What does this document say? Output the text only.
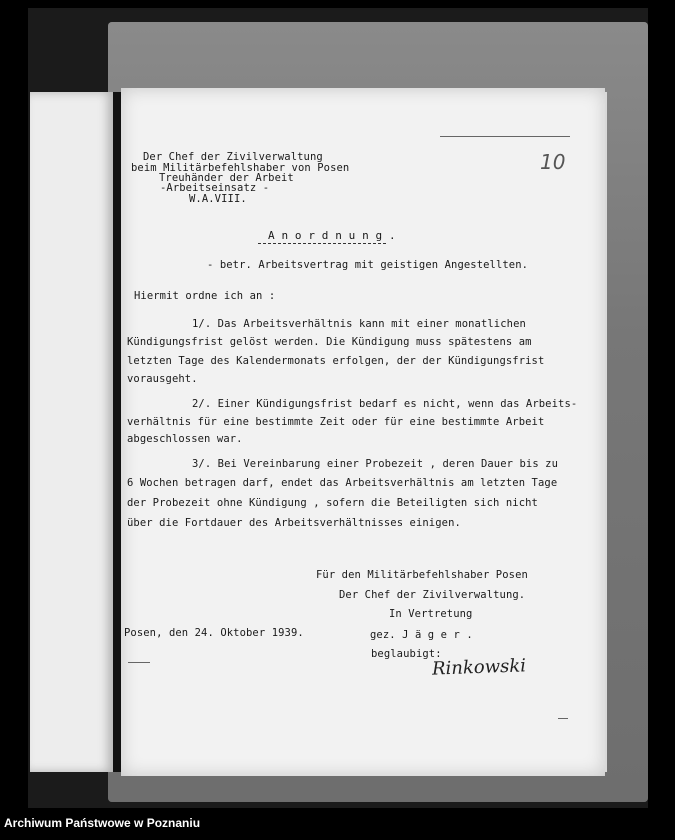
Der Chef der Zivilverwaltung
beim Militärbefehlshaber von Posen
Treuhänder der Arbeit
-Arbeitseinsatz -
W.A.VIII.
10
A n o r d n u n g .
- betr. Arbeitsvertrag mit geistigen Angestellten.
Hiermit ordne ich an :
1/. Das Arbeitsverhältnis kann mit einer monatlichen
Kündigungsfrist gelöst werden. Die Kündigung muss spätestens am
letzten Tage des Kalendermonats erfolgen, der der Kündigungsfrist
vorausgeht.
2/. Einer Kündigungsfrist bedarf es nicht, wenn das Arbeits-
verhältnis für eine bestimmte Zeit oder für eine bestimmte Arbeit
abgeschlossen war.
3/. Bei Vereinbarung einer Probezeit , deren Dauer bis zu
6 Wochen betragen darf, endet das Arbeitsverhältnis am letzten Tage
der Probezeit ohne Kündigung , sofern die Beteiligten sich nicht
über die Fortdauer des Arbeitsverhältnisses einigen.
Für den Militärbefehlshaber Posen
Der Chef der Zivilverwaltung.
In Vertretung
Posen, den 24. Oktober 1939.	gez. J ä g e r .
beglaubigt:
Rinkowski
Archiwum Państwowe w Poznaniu
